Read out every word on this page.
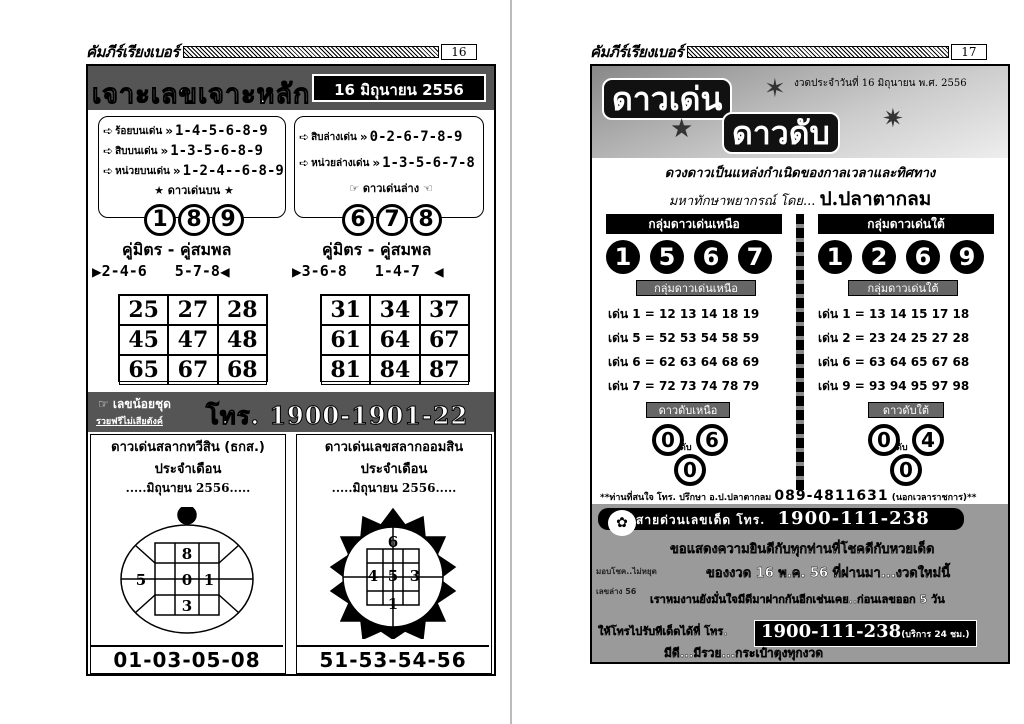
คัมภีร์เรียงเบอร์	16
เจาะเลขเจาะหลัก	16 มิถุนายน 2556
➪ ร้อยบนเด่น » 1-4-5-6-8-9
➪ สิบบนเด่น » 1-3-5-6-8-9
➪ หน่วยบนเด่น » 1-2-4--6-8-9
★ ดาวเด่นบน ★
1 8 9
➪ สิบล่างเด่น » 0-2-6-7-8-9
➪ หน่วยล่างเด่น » 1-3-5-6-7-8
☞ ดาวเด่นล่าง ☜
6 7 8
คู่มิตร - คู่สมพล
▶ 2-4-6 5-7-8 ◀
คู่มิตร - คู่สมพล
▶ 3-6-8 1-4-7 ◀
25 27 28
45 47 48
65 67 68
31 34 37
61 64 67
81 84 87
☞ เลขน้อยชุด
รวยฟรีไม่เสียตังค์ โทร. 1900-1901-22
ดาวเด่นสลากทวีสิน (ธกส.)
ประจำเดือน
.....มิถุนายน 2556.....
8
5 0 1
3
01-03-05-08
ดาวเด่นเลขสลากออมสิน
ประจำเดือน
.....มิถุนายน 2556.....
6
4 5 3
1
51-53-54-56
คัมภีร์เรียงเบอร์	17
งวดประจำวันที่ 16 มิถุนายน พ.ศ. 2556
ดาวเด่น
ดาวดับ
✶
★	✷
ดวงดาวเป็นแหล่งกำเนิดของกาลเวลาและทิศทาง
มหาทักษาพยากรณ์ โดย... ป.ปลาตากลม
กลุ่มดาวเด่นเหนือ	กลุ่มดาวเด่นใต้
1	5	6	7	1	2	6	9
กลุ่มดาวเด่นเหนือ	กลุ่มดาวเด่นใต้
เด่น 1 = 12 13 14 18 19
เด่น 5 = 52 53 54 58 59
เด่น 6 = 62 63 64 68 69
เด่น 7 = 72 73 74 78 79
เด่น 1 = 13 14 15 17 18
เด่น 2 = 23 24 25 27 28
เด่น 6 = 63 64 65 67 68
เด่น 9 = 93 94 95 97 98
ดาวดับเหนือ	ดาวดับใต้
0	6
0
ดับ	0	4
0
ดับ
**ท่านที่สนใจ โทร. ปรึกษา อ.ป.ปลาตากลม 089-4811631 (นอกเวลาราชการ)**
✿ สายด่วนเลขเด็ด โทร. 1900-111-238
ขอแสดงความยินดีกับทุกท่านที่โชคดีกับหวยเด็ด
ของงวด 16 พ.ค. 56 ที่ผ่านมา...งวดใหม่นี้
เราหมงานยังมั่นใจมีดีมาฝากกันอีกเช่นเคย..ก่อนเลขออก 5 วัน
ให้โทรไปรับทีเด็ดได้ที่ โทร.
มอบโชค..ไม่หยุด เลขล่าง 56
1900-111-238(บริการ 24 ชม.)
มีดี...มีรวย...กระเป๋าตุงทุกงวด
